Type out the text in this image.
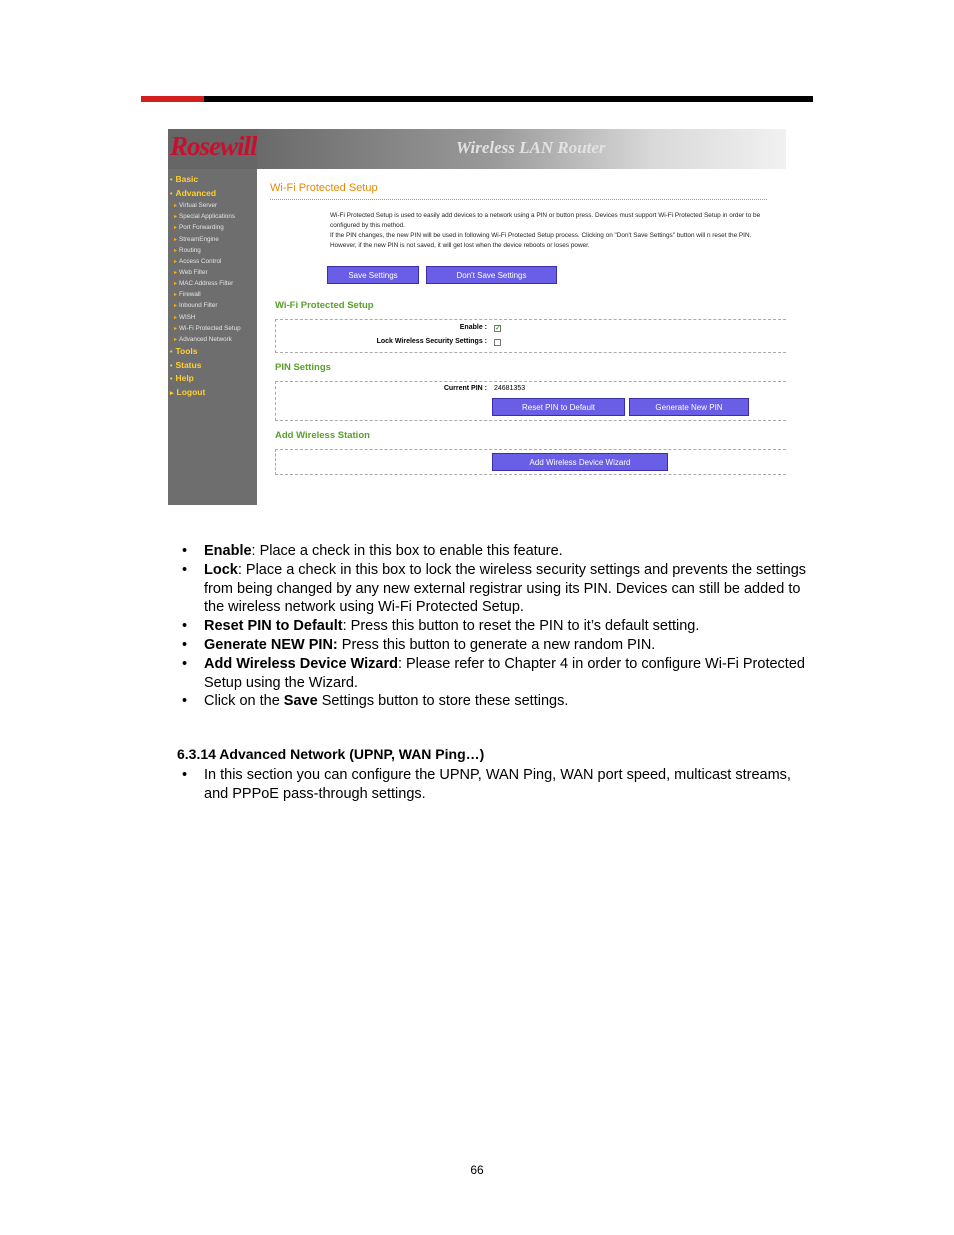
Rosewill
• Basic
• Advanced
▸ Virtual Server
▸ Special Applications
▸ Port Forwarding
▸ StreamEngine
▸ Routing
▸ Access Control
▸ Web Filter
▸ MAC Address Filter
▸ Firewall
▸ Inbound Filter
▸ WISH
▸ Wi-Fi Protected Setup
▸ Advanced Network
• Tools
• Status
• Help
▸ Logout
Wireless LAN Router
Wi-Fi Protected Setup

Wi-Fi Protected Setup is used to easily add devices to a network using a PIN or button press. Devices must support Wi-Fi Protected Setup in order to be configured by this method.

If the PIN changes, the new PIN will be used in following Wi-Fi Protected Setup process. Clicking on "Don't Save Settings" button will n reset the PIN.

However, if the new PIN is not saved, it will get lost when the device reboots or loses power.

Save Settings	Don't Save Settings
Wi-Fi Protected Setup
Enable : ✓
Lock Wireless Security Settings :
PIN Settings
Current PIN : 24681353
Reset PIN to Default	Generate New PIN
Add Wireless Station
Add Wireless Device Wizard
• Enable: Place a check in this box to enable this feature.
• Lock: Place a check in this box to lock the wireless security settings and prevents the settings from being changed by any new external registrar using its PIN. Devices can still be added to the wireless network using Wi-Fi Protected Setup.
• Reset PIN to Default: Press this button to reset the PIN to it’s default setting.
• Generate NEW PIN: Press this button to generate a new random PIN.
• Add Wireless Device Wizard: Please refer to Chapter 4 in order to configure Wi-Fi Protected Setup using the Wizard.
• Click on the Save Settings button to store these settings.
6.3.14 Advanced Network (UPNP, WAN Ping…)
• In this section you can configure the UPNP, WAN Ping, WAN port speed, multicast streams, and PPPoE pass-through settings.
66
